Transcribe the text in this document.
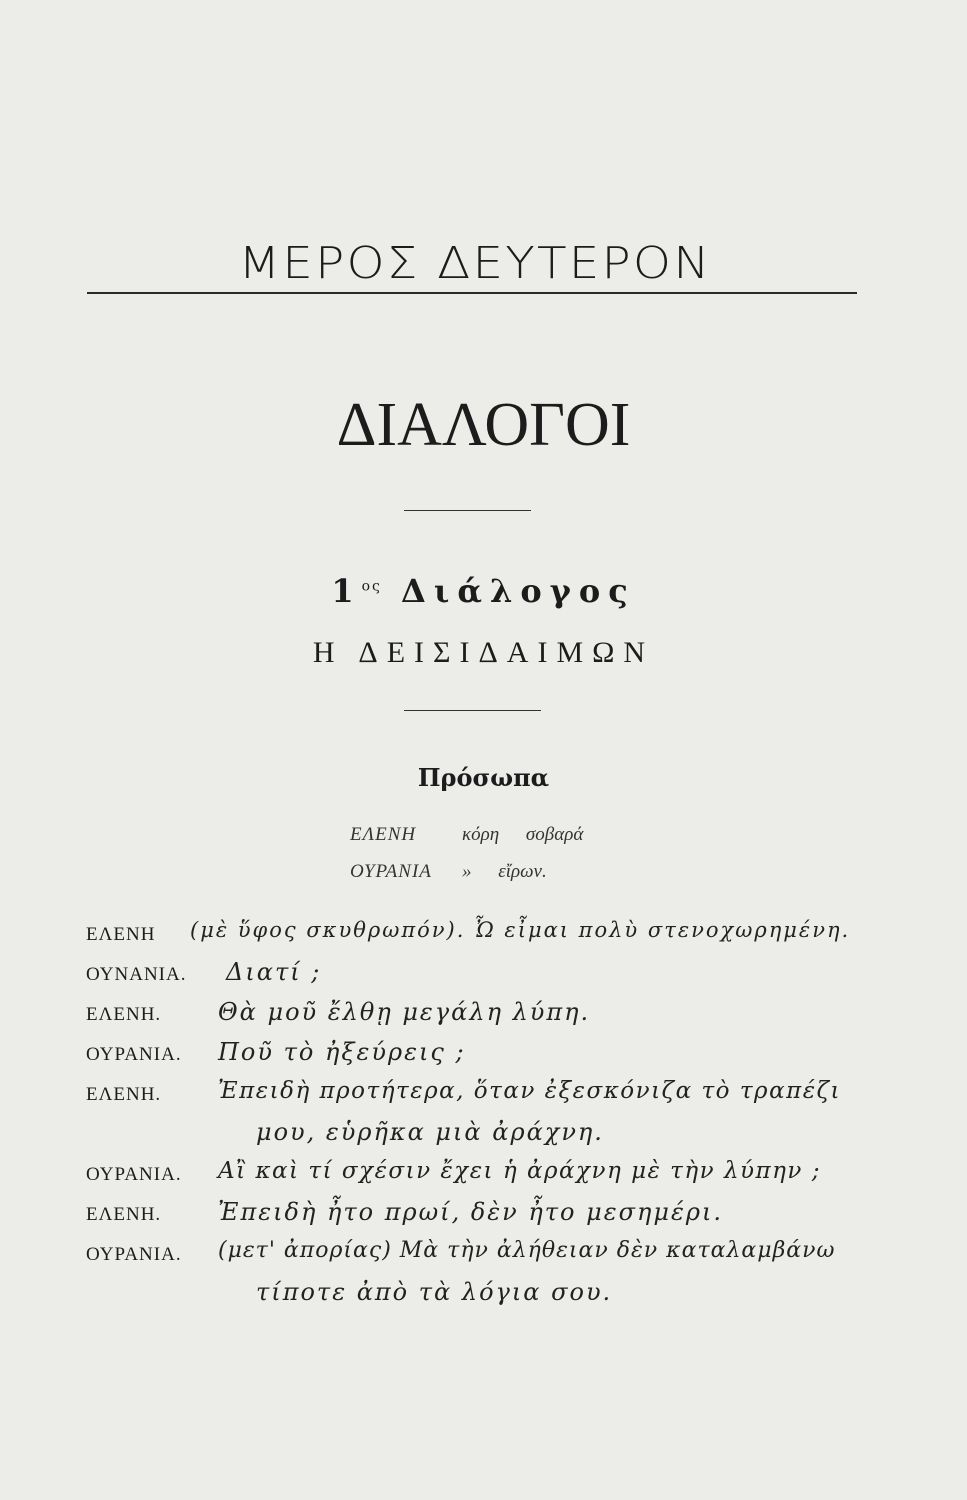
ΜΕΡΟΣ ΔΕΥΤΕΡΟΝ
ΔΙΑΛΟΓΟΙ
$1^{o\varsigma}$ Διάλογος
Η ΔΕΙΣΙΔΑΙΜΩΝ
Πρόσωπα
ΕΛΕΝΗ κόρη σοβαρά
ΟΥΡΑΝΙΑ » εἴρων.
ΕΛΕΝΗ (μὲ ὕφος σκυθρωπόν). Ὦ εἶμαι πολὺ στενοχωρημένη.
ΟΥΝΑΝΙΑ. Διατί ;
ΕΛΕΝΗ. Θὰ μοῦ ἔλθῃ μεγάλη λύπη.
ΟΥΡΑΝΙΑ. Ποῦ τὸ ἠξεύρεις ;
ΕΛΕΝΗ. Ἐπειδὴ προτήτερα, ὅταν ἐξεσκόνιζα τὸ τραπέζι
μου, εὑρῆκα μιὰ ἀράχνη.
ΟΥΡΑΝΙΑ. Αἲ καὶ τί σχέσιν ἔχει ἡ ἀράχνη μὲ τὴν λύπην ;
ΕΛΕΝΗ. Ἐπειδὴ ἦτο πρωί, δὲν ἦτο μεσημέρι.
ΟΥΡΑΝΙΑ. (μετ' ἀπορίας) Μὰ τὴν ἀλήθειαν δὲν καταλαμβάνω
τίποτε ἀπὸ τὰ λόγια σου.
